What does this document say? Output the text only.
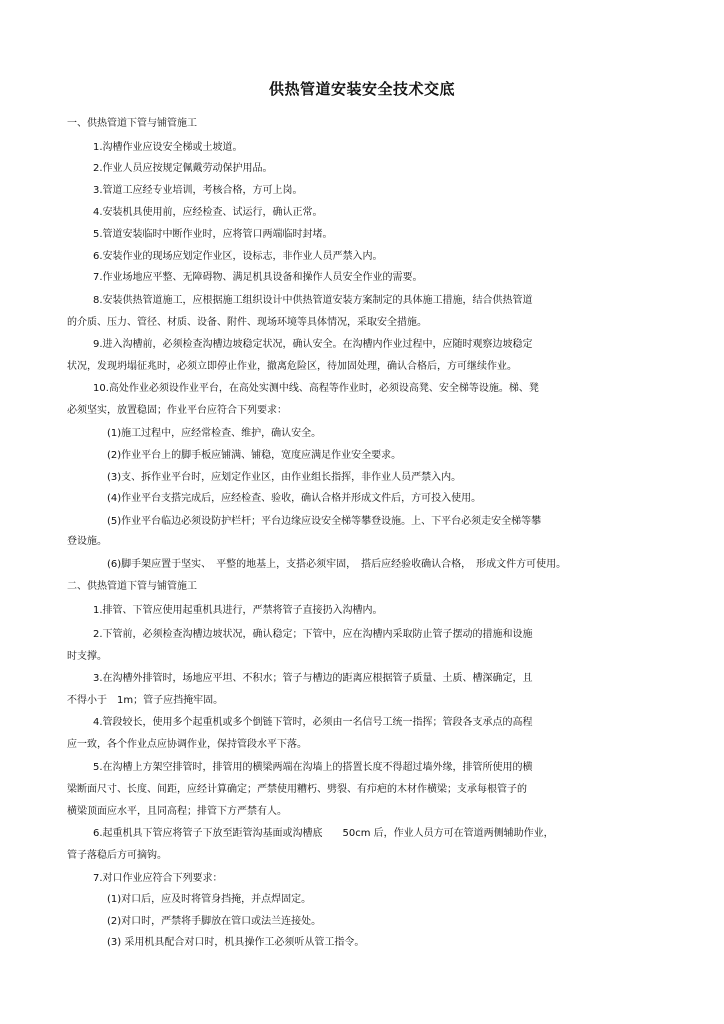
供热管道安装安全技术交底
一、供热管道下管与铺管施工
1.沟槽作业应设安全梯或土坡道。
2.作业人员应按规定佩戴劳动保护用品。
3.管道工应经专业培训，考核合格，方可上岗。
4.安装机具使用前，应经检查、试运行，确认正常。
5.管道安装临时中断作业时，应将管口两端临时封堵。
6.安装作业的现场应划定作业区，设标志，非作业人员严禁入内。
7.作业场地应平整、无障碍物、满足机具设备和操作人员安全作业的需要。
8.安装供热管道施工，应根据施工组织设计中供热管道安装方案制定的具体施工措施，结合供热管道
的介质、压力、管径、材质、设备、附件、现场环境等具体情况，采取安全措施。
9.进入沟槽前，必须检查沟槽边坡稳定状况，确认安全。在沟槽内作业过程中，应随时观察边坡稳定
状况，发现坍塌征兆时，必须立即停止作业，撤离危险区，待加固处理，确认合格后，方可继续作业。
10.高处作业必须设作业平台，在高处实测中线、高程等作业时，必须设高凳、安全梯等设施。梯、凳
必须坚实，放置稳固；作业平台应符合下列要求：
(1)施工过程中，应经常检查、维护，确认安全。
(2)作业平台上的脚手板应铺满、铺稳，宽度应满足作业安全要求。
(3)支、拆作业平台时，应划定作业区，由作业组长指挥，非作业人员严禁入内。
(4)作业平台支搭完成后，应经检查、验收，确认合格并形成文件后，方可投入使用。
(5)作业平台临边必须设防护栏杆；平台边缘应设安全梯等攀登设施。上、下平台必须走安全梯等攀
登设施。
(6)脚手架应置于坚实、　平整的地基上，支搭必须牢固，　搭后应经验收确认合格，　形成文件方可使用。
二、供热管道下管与铺管施工
1.排管、下管应使用起重机具进行，严禁将管子直接扔入沟槽内。
2.下管前，必须检查沟槽边坡状况，确认稳定；下管中，应在沟槽内采取防止管子摆动的措施和设施
时支撑。
3.在沟槽外排管时，场地应平坦、不积水；管子与槽边的距离应根据管子质量、土质、槽深确定，且
不得小于　1m；管子应挡掩牢固。
4.管段较长，使用多个起重机或多个倒链下管时，必须由一名信号工统一指挥；管段各支承点的高程
应一致，各个作业点应协调作业，保持管段水平下落。
5.在沟槽上方架空排管时，排管用的横梁两端在沟墙上的搭置长度不得超过墙外缘，排管所使用的横
梁断面尺寸、长度、间距，应经计算确定；严禁使用糟朽、劈裂、有疖疤的木材作横梁；支承每根管子的
横梁顶面应水平，且同高程；排管下方严禁有人。
6.起重机具下管应将管子下放至距管沟基面或沟槽底　　50cm 后，作业人员方可在管道两侧辅助作业，
管子落稳后方可摘钩。
7.对口作业应符合下列要求：
(1)对口后，应及时将管身挡掩，并点焊固定。
(2)对口时，严禁将手脚放在管口或法兰连接处。
(3) 采用机具配合对口时，机具操作工必须听从管工指令。
